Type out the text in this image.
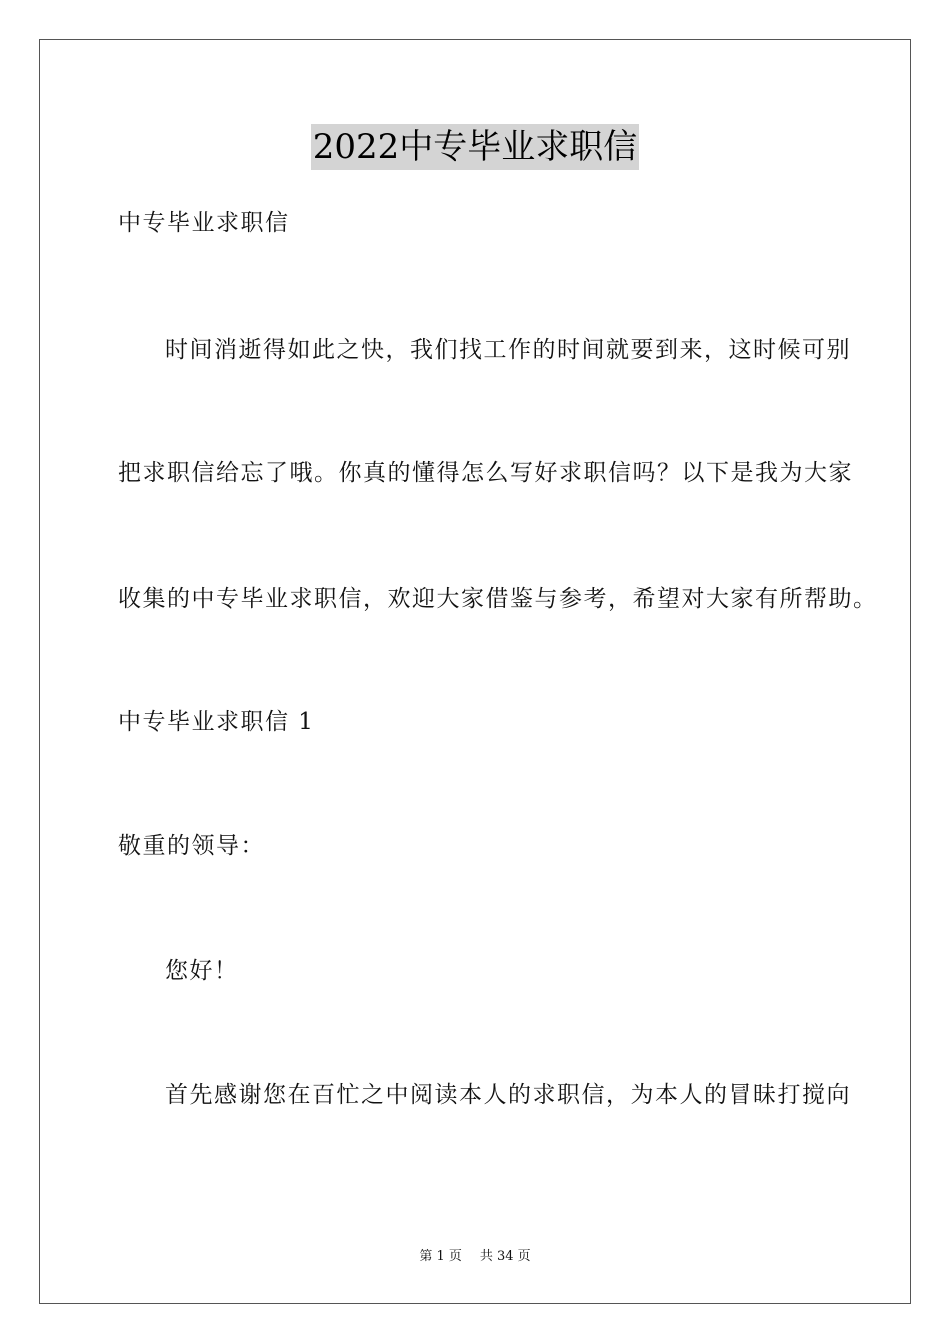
2022中专毕业求职信
中专毕业求职信
时间消逝得如此之快，我们找工作的时间就要到来，这时候可别
把求职信给忘了哦。你真的懂得怎么写好求职信吗？以下是我为大家
收集的中专毕业求职信，欢迎大家借鉴与参考，希望对大家有所帮助。
中专毕业求职信 1
敬重的领导：
您好！
首先感谢您在百忙之中阅读本人的求职信，为本人的冒昧打搅向
第 1 页 共 34 页
